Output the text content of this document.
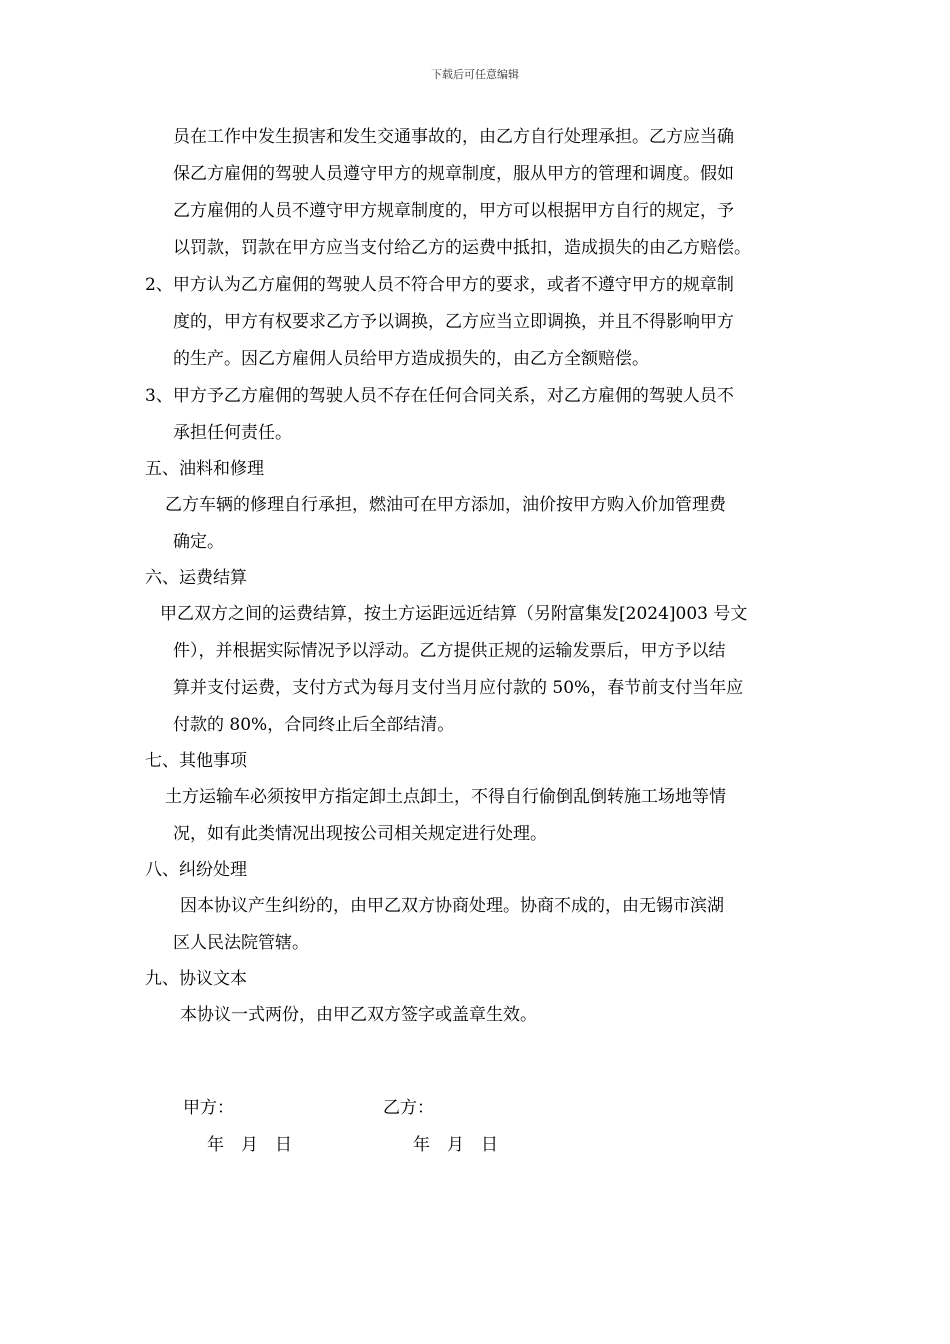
下载后可任意编辑
员在工作中发生损害和发生交通事故的，由乙方自行处理承担。乙方应当确
保乙方雇佣的驾驶人员遵守甲方的规章制度，服从甲方的管理和调度。假如
乙方雇佣的人员不遵守甲方规章制度的，甲方可以根据甲方自行的规定，予
以罚款，罚款在甲方应当支付给乙方的运费中抵扣，造成损失的由乙方赔偿。
2、甲方认为乙方雇佣的驾驶人员不符合甲方的要求，或者不遵守甲方的规章制
度的，甲方有权要求乙方予以调换，乙方应当立即调换，并且不得影响甲方
的生产。因乙方雇佣人员给甲方造成损失的，由乙方全额赔偿。
3、甲方予乙方雇佣的驾驶人员不存在任何合同关系，对乙方雇佣的驾驶人员不
承担任何责任。
五、油料和修理
乙方车辆的修理自行承担，燃油可在甲方添加，油价按甲方购入价加管理费
确定。
六、运费结算
甲乙双方之间的运费结算，按土方运距远近结算（另附富集发[2024]003 号文
件），并根据实际情况予以浮动。乙方提供正规的运输发票后，甲方予以结
算并支付运费，支付方式为每月支付当月应付款的 50%，春节前支付当年应
付款的 80%，合同终止后全部结清。
七、其他事项
土方运输车必须按甲方指定卸土点卸土，不得自行偷倒乱倒转施工场地等情
况，如有此类情况出现按公司相关规定进行处理。
八、纠纷处理
因本协议产生纠纷的，由甲乙双方协商处理。协商不成的，由无锡市滨湖
区人民法院管辖。
九、协议文本
本协议一式两份，由甲乙双方签字或盖章生效。
甲方：	乙方：
年　月　日	年　月　日
